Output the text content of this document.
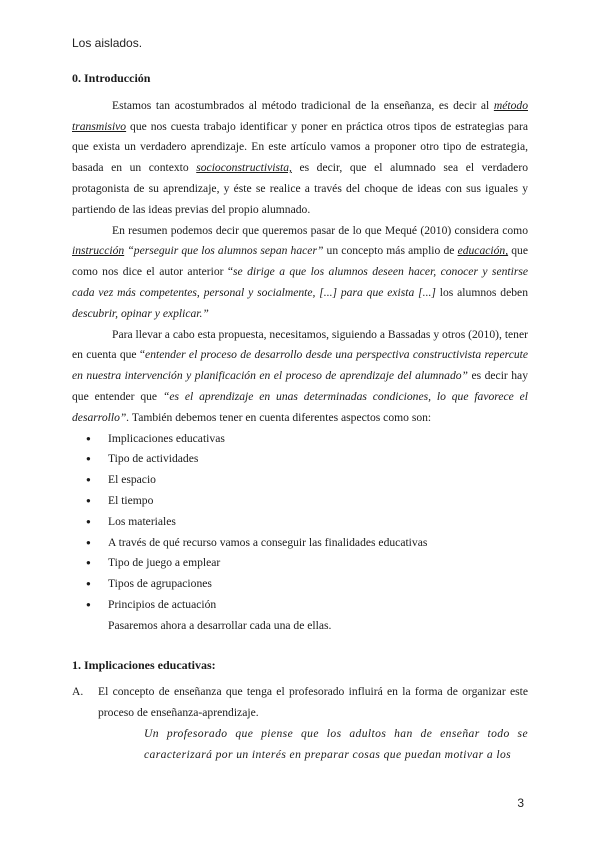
Los aislados.
0. Introducción

Estamos tan acostumbrados al método tradicional de la enseñanza, es decir al método transmisivo que nos cuesta trabajo identificar y poner en práctica otros tipos de estrategias para que exista un verdadero aprendizaje. En este artículo vamos a proponer otro tipo de estrategia, basada en un contexto socioconstructivista, es decir, que el alumnado sea el verdadero protagonista de su aprendizaje, y éste se realice a través del choque de ideas con sus iguales y partiendo de las ideas previas del propio alumnado.

En resumen podemos decir que queremos pasar de lo que Mequé (2010) considera como instrucción “perseguir que los alumnos sepan hacer” un concepto más amplio de educación, que como nos dice el autor anterior “se dirige a que los alumnos deseen hacer, conocer y sentirse cada vez más competentes, personal y socialmente, [...] para que exista [...] los alumnos deben descubrir, opinar y explicar.”

Para llevar a cabo esta propuesta, necesitamos, siguiendo a Bassadas y otros (2010), tener en cuenta que “entender el proceso de desarrollo desde una perspectiva constructivista repercute en nuestra intervención y planificación en el proceso de aprendizaje del alumnado” es decir hay que entender que “es el aprendizaje en unas determinadas condiciones, lo que favorece el desarrollo”. También debemos tener en cuenta diferentes aspectos como son:

● Implicaciones educativas
● Tipo de actividades
● El espacio
● El tiempo
● Los materiales
● A través de qué recurso vamos a conseguir las finalidades educativas
● Tipo de juego a emplear
● Tipos de agrupaciones
● Principios de actuación

Pasaremos ahora a desarrollar cada una de ellas.

1. Implicaciones educativas:
A.	El concepto de enseñanza que tenga el profesorado influirá en la forma de organizar este proceso de enseñanza-aprendizaje.

Un profesorado que piense que los adultos han de enseñar todo se caracterizará por un interés en preparar cosas que puedan motivar a los

3
